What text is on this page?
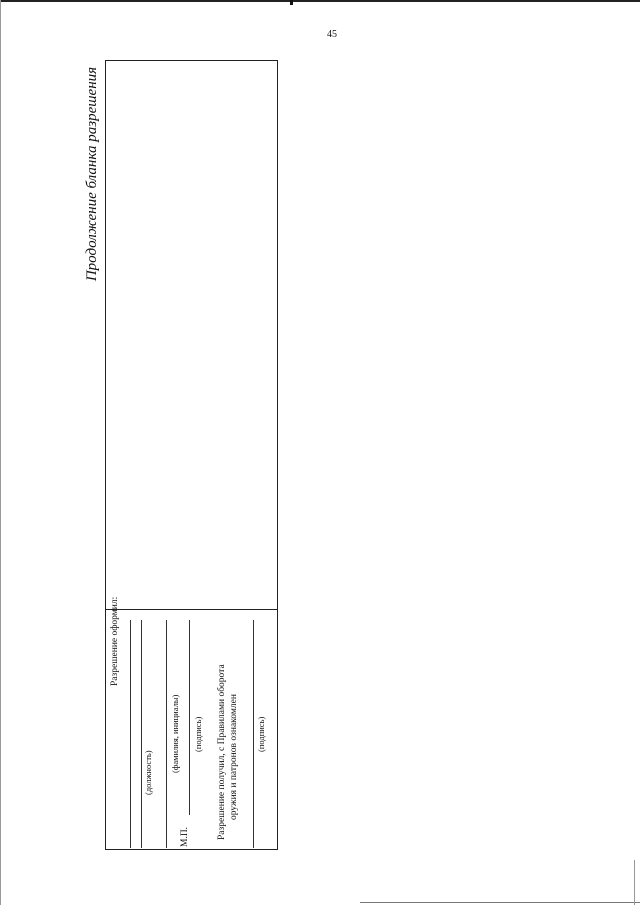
45
Продолжение бланка разрешения
Разрешение оформил:
(должность) (фамилия, инициалы)
М.П.
(подпись) Разрешение получил, с Правилами оборота оружия и патронов ознакомлен (подпись)
